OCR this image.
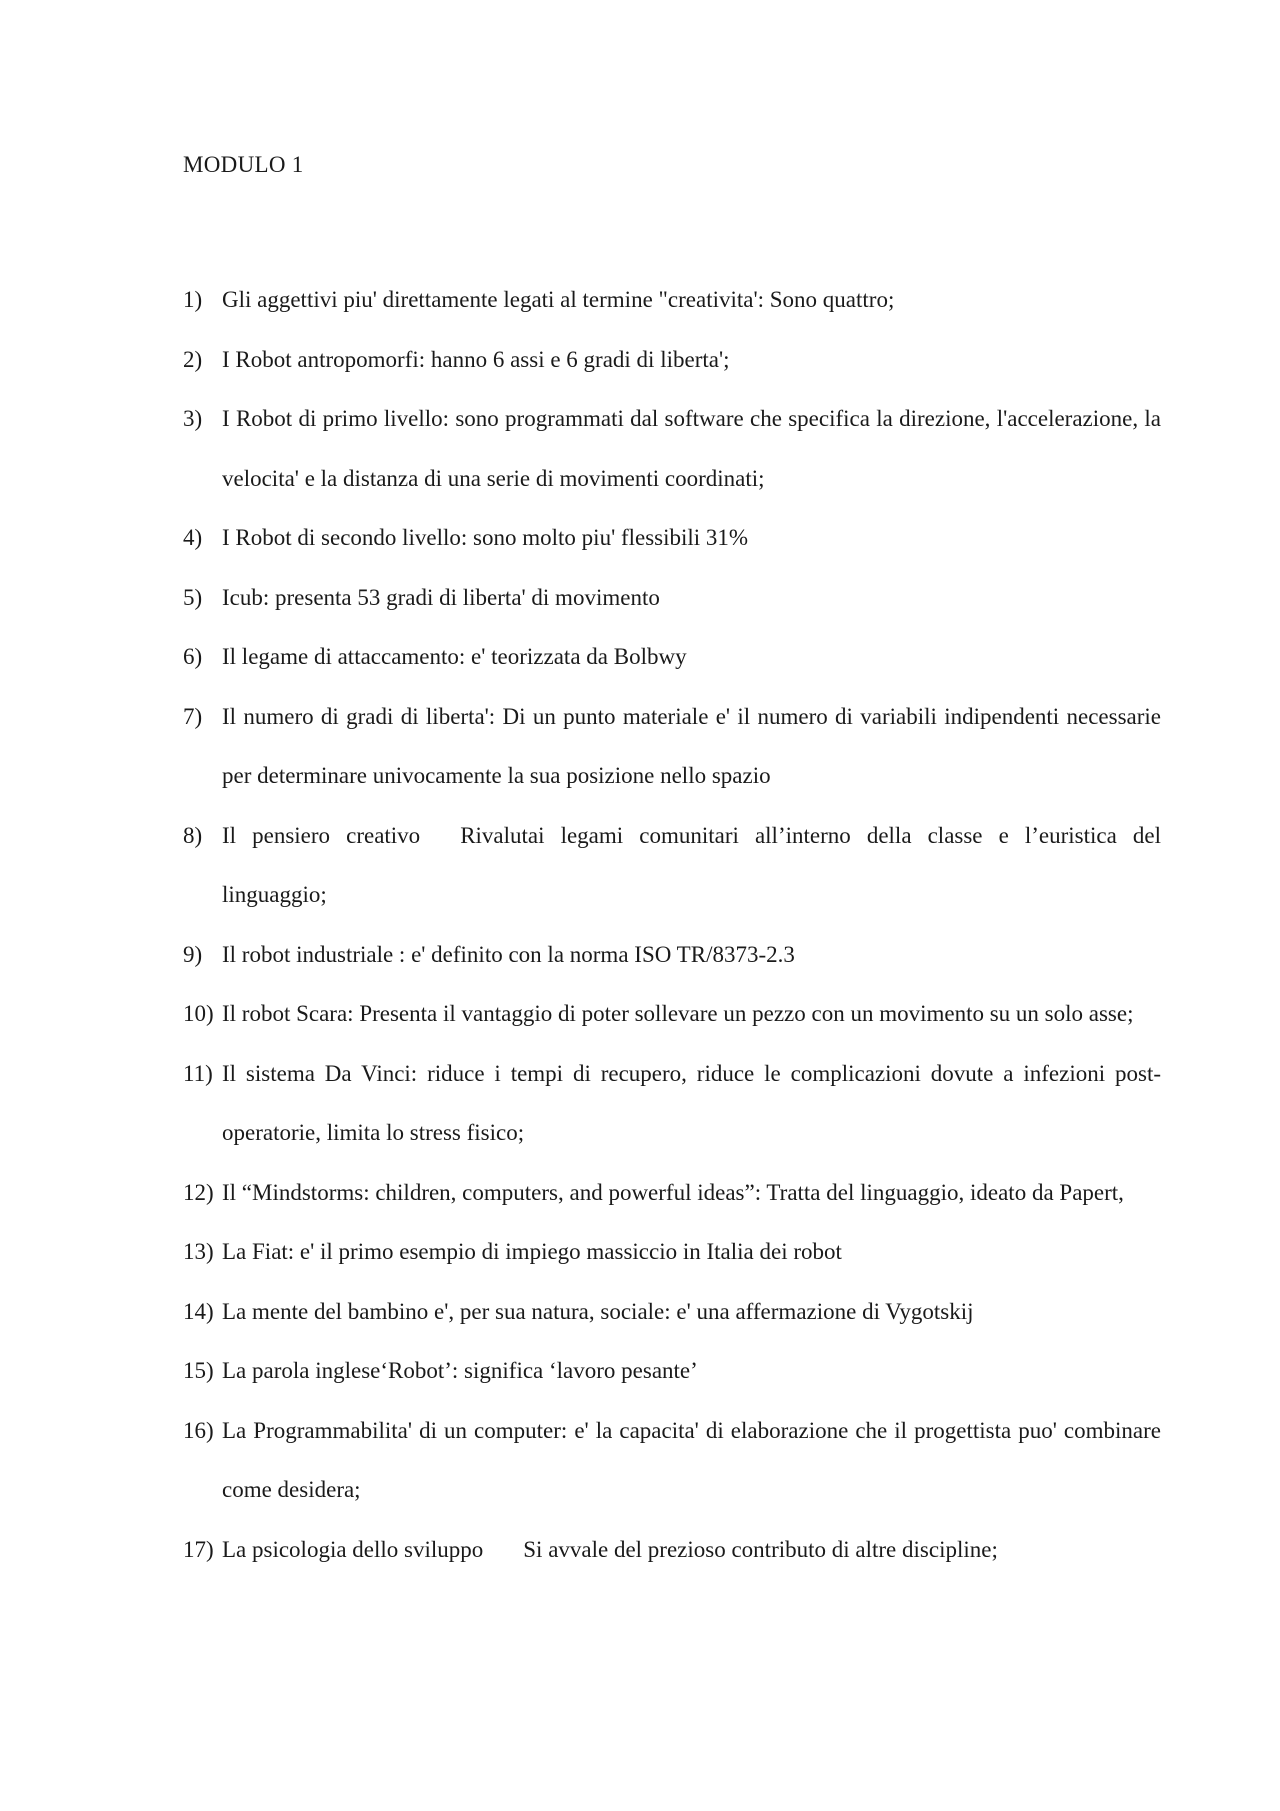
MODULO 1
1) Gli aggettivi piu' direttamente legati al termine "creativita': Sono quattro;
2) I Robot antropomorfi: hanno 6 assi e 6 gradi di liberta';
3) I Robot di primo livello: sono programmati dal software che specifica la direzione, l'accelerazione, la velocita' e la distanza di una serie di movimenti coordinati;
4) I Robot di secondo livello: sono molto piu' flessibili 31%
5) Icub: presenta 53 gradi di liberta' di movimento
6) Il legame di attaccamento: e' teorizzata da Bolbwy
7) Il numero di gradi di liberta': Di un punto materiale e' il numero di variabili indipendenti necessarie per determinare univocamente la sua posizione nello spazio
8) Il pensiero creativo Rivalutai legami comunitari all’interno della classe e l’euristica del linguaggio;
9) Il robot industriale : e' definito con la norma ISO TR/8373-2.3
10) Il robot Scara: Presenta il vantaggio di poter sollevare un pezzo con un movimento su un solo asse;
11) Il sistema Da Vinci: riduce i tempi di recupero, riduce le complicazioni dovute a infezioni post-operatorie, limita lo stress fisico;
12) Il “Mindstorms: children, computers, and powerful ideas”: Tratta del linguaggio, ideato da Papert,
13) La Fiat: e' il primo esempio di impiego massiccio in Italia dei robot
14) La mente del bambino e', per sua natura, sociale: e' una affermazione di Vygotskij
15) La parola inglese‘Robot’: significa ‘lavoro pesante’
16) La Programmabilita' di un computer: e' la capacita' di elaborazione che il progettista puo' combinare come desidera;
17) La psicologia dello sviluppo Si avvale del prezioso contributo di altre discipline;
